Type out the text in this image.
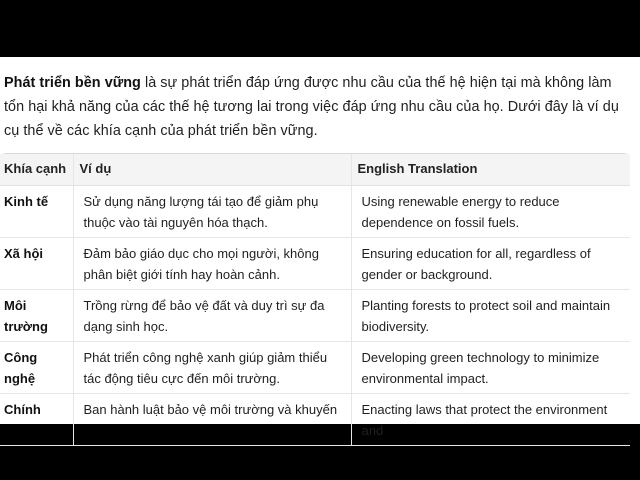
Phát triển bền vững là sự phát triển đáp ứng được nhu cầu của thế hệ hiện tại mà không làm tổn hại khả năng của các thế hệ tương lai trong việc đáp ứng nhu cầu của họ. Dưới đây là ví dụ cụ thể về các khía cạnh của phát triển bền vững.
Khía cạnh	Ví dụ	English Translation
Kinh tế	Sử dụng năng lượng tái tạo để giảm phụ thuộc vào tài nguyên hóa thạch.	Using renewable energy to reduce dependence on fossil fuels.
Xã hội	Đảm bảo giáo dục cho mọi người, không phân biệt giới tính hay hoàn cảnh.	Ensuring education for all, regardless of gender or background.
Môi trường	Trồng rừng để bảo vệ đất và duy trì sự đa dạng sinh học.	Planting forests to protect soil and maintain biodiversity.
Công nghệ	Phát triển công nghệ xanh giúp giảm thiểu tác động tiêu cực đến môi trường.	Developing green technology to minimize environmental impact.
Chính	Ban hành luật bảo vệ môi trường và khuyến	Enacting laws that protect the environment and
